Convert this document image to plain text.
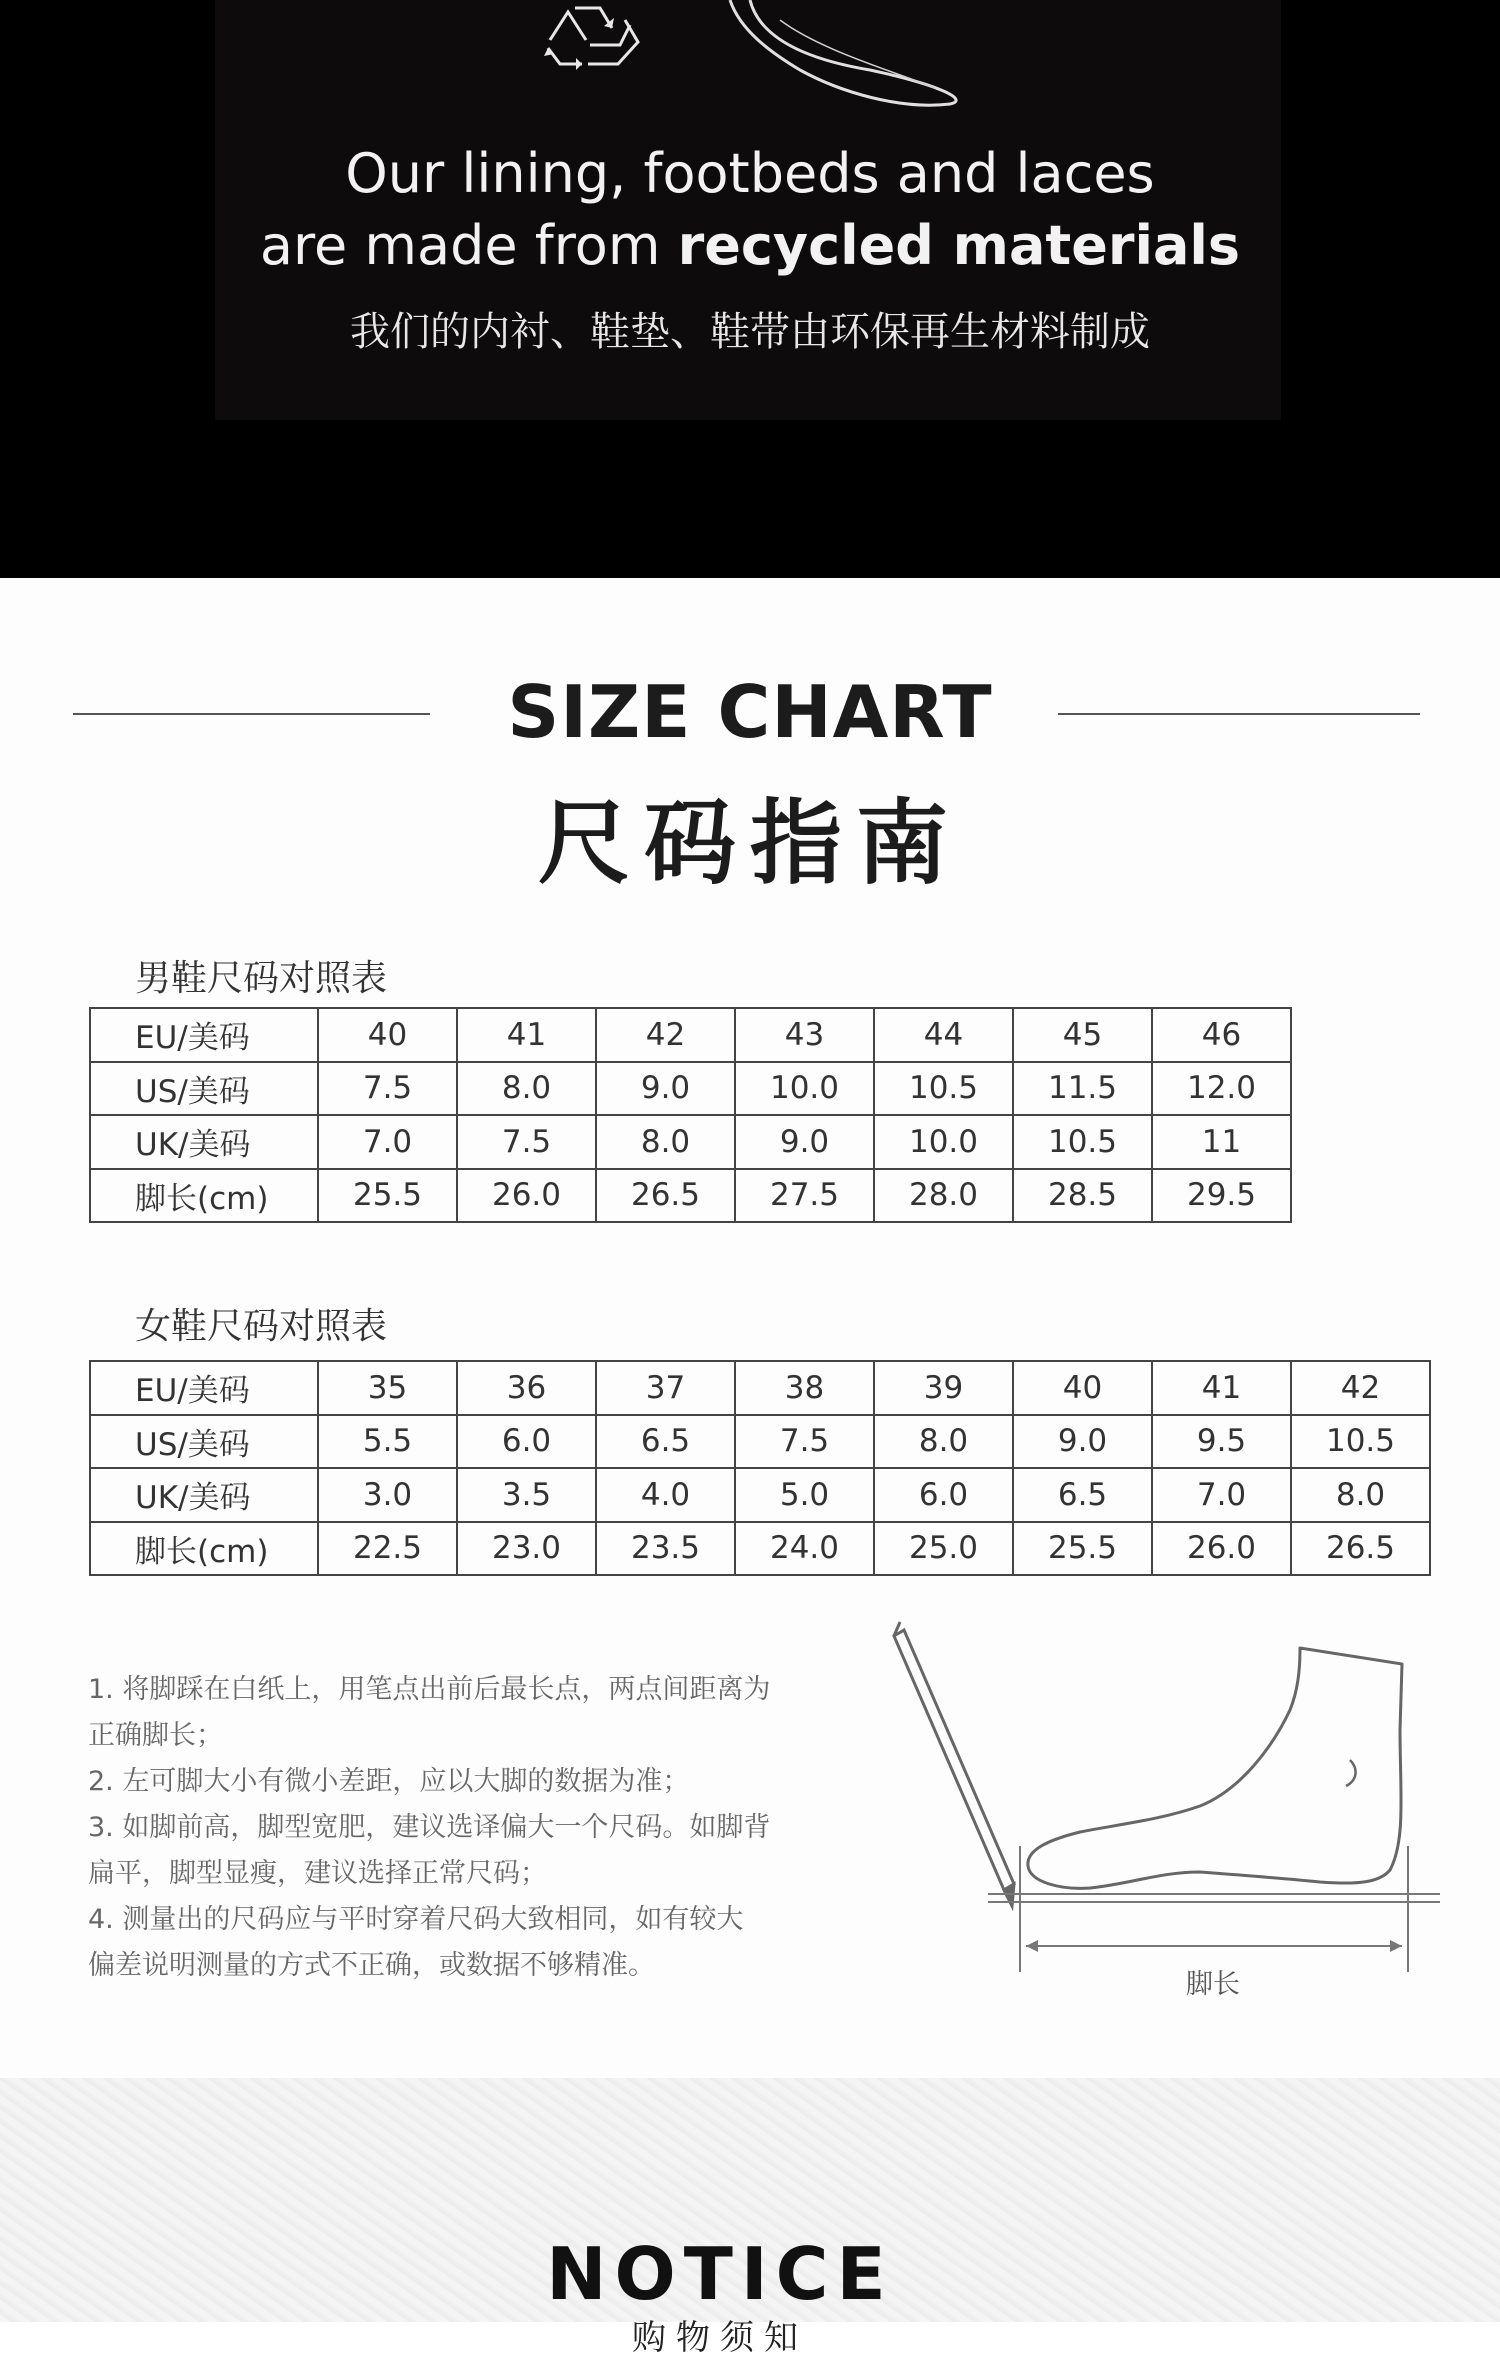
Our lining, footbeds and laces
are made from recycled materials
我们的内衬、鞋垫、鞋带由环保再生材料制成
SIZE CHART
尺码指南
男鞋尺码对照表
EU/美码	40	41	42	43	44	45	46
US/美码	7.5	8.0	9.0	10.0	10.5	11.5	12.0
UK/美码	7.0	7.5	8.0	9.0	10.0	10.5	11
脚长(cm)	25.5	26.0	26.5	27.5	28.0	28.5	29.5
女鞋尺码对照表
EU/美码	35	36	37	38	39	40	41	42
US/美码	5.5	6.0	6.5	7.5	8.0	9.0	9.5	10.5
UK/美码	3.0	3.5	4.0	5.0	6.0	6.5	7.0	8.0
脚长(cm)	22.5	23.0	23.5	24.0	25.0	25.5	26.0	26.5

1. 将脚踩在白纸上，用笔点出前后最长点，两点间距离为

正确脚长；

2. 左可脚大小有微小差距，应以大脚的数据为准；

3. 如脚前高，脚型宽肥，建议选译偏大一个尺码。如脚背

扁平，脚型显瘦，建议选择正常尺码；

4. 测量出的尺码应与平时穿着尺码大致相同，如有较大

偏差说明测量的方式不正确，或数据不够精准。

脚长
NOTICE
购物须知
